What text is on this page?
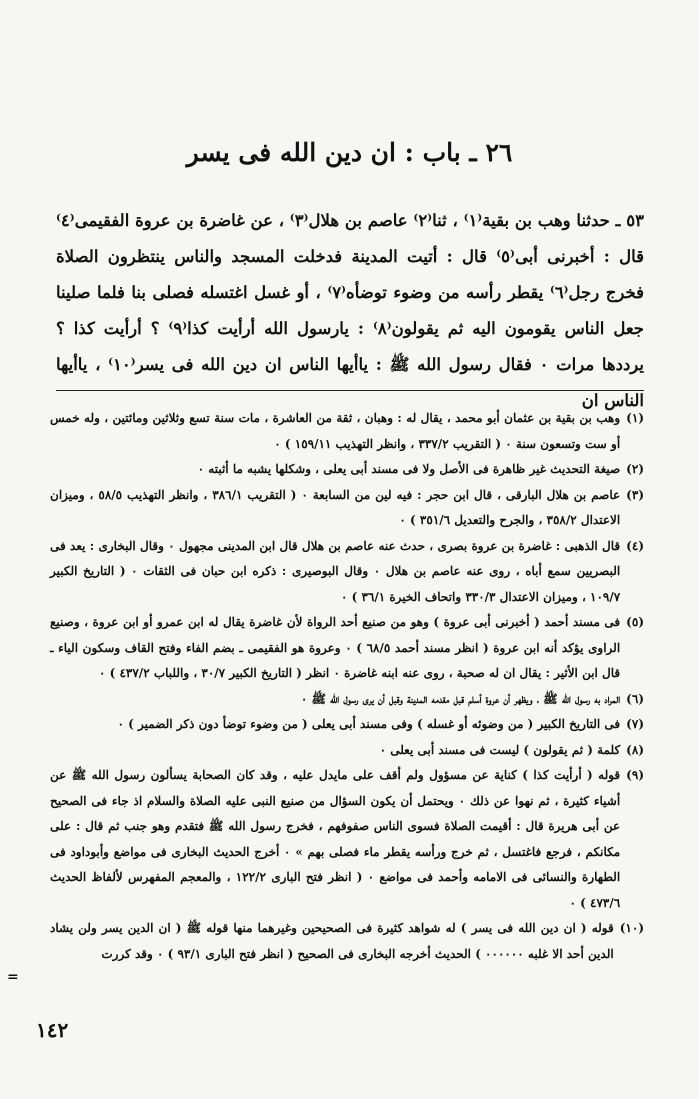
٢٦ ـ باب : ان دين الله فى يسر

٥٣ ـ حدثنا وهب بن بقية⁽١⁾ ، ثنا⁽٢⁾ عاصم بن هلال⁽٣⁾ ، عن غاضرة بن عروة الفقيمى⁽٤⁾ قال : أخبرنى أبى⁽٥⁾ قال : أتيت المدينة فدخلت المسجد والناس ينتظرون الصلاة فخرج رجل⁽٦⁾ يقطر رأسه من وضوء توضأه⁽٧⁾ ، أو غسل اغتسله فصلى بنا فلما صلينا جعل الناس يقومون اليه ثم يقولون⁽٨⁾ : يارسول الله أرأيت كذا⁽٩⁾ ؟ أرأيت كذا ؟ يرددها مرات ٠ فقال رسول الله ﷺ : ياأيها الناس ان دين الله فى يسر⁽١٠⁾ ، ياأيها الناس ان

(١)
وهب بن بقية بن عثمان أبو محمد ، يقال له : وهبان ، ثقة من العاشرة ، مات سنة تسع وثلاثين ومائتين ، وله خمس أو ست وتسعون سنة ٠ ( التقريب ٣٣٧/٢ ، وانظر التهذيب ١٥٩/١١ ) ٠
(٢)
صيغة التحديث غير ظاهرة فى الأصل ولا فى مسند أبى يعلى ، وشكلها يشبه ما أثبته ٠
(٣)
عاصم بن هلال البارقى ، قال ابن حجر : فيه لين من السابعة ٠ ( التقريب ٣٨٦/١ ، وانظر التهذيب ٥٨/٥ ، وميزان الاعتدال ٣٥٨/٢ ، والجرح والتعديل ٣٥١/٦ ) ٠
(٤)
قال الذهبى : غاضرة بن عروة بصرى ، حدث عنه عاصم بن هلال قال ابن المدينى مجهول ٠ وقال البخارى : يعد فى البصريين سمع أباه ، روى عنه عاصم بن هلال ٠ وقال البوصيرى : ذكره ابن حبان فى الثقات ٠ ( التاريخ الكبير ١٠٩/٧ ، وميزان الاعتدال ٣٣٠/٣ واتحاف الخيرة ٣٦/١ ) ٠
(٥)
فى مسند أحمد ( أخبرنى أبى عروة ) وهو من صنيع أحد الرواة لأن غاضرة يقال له ابن عمرو أو ابن عروة ، وصنيع الراوى يؤكد أنه ابن عروة ( انظر مسند أحمد ٦٨/٥ ) ٠ وعروة هو الفقيمى ـ بضم الفاء وفتح القاف وسكون الياء ـ قال ابن الأثير : يقال ان له صحبة ، روى عنه ابنه غاضرة ٠ انظر ( التاريخ الكبير ٣٠/٧ ، واللباب ٤٣٧/٢ ) ٠
(٦)
المراد به رسول الله ﷺ ، ويظهر أن عروة أسلم قبل مقدمه المدينة وقبل أن يرى رسول الله ﷺ ٠
(٧)
فى التاريخ الكبير ( من وضوئه أو غسله ) وفى مسند أبى يعلى ( من وضوء توضأ دون ذكر الضمير ) ٠
(٨)
كلمة ( ثم يقولون ) ليست فى مسند أبى يعلى ٠
(٩)
قوله ( أرأيت كذا ) كناية عن مسؤول ولم أقف على مايدل عليه ، وقد كان الصحابة يسألون رسول الله ﷺ عن أشياء كثيرة ، ثم نهوا عن ذلك ٠ ويحتمل أن يكون السؤال من صنيع النبى عليه الصلاة والسلام اذ جاء فى الصحيح عن أبى هريرة قال : أقيمت الصلاة فسوى الناس صفوفهم ، فخرج رسول الله ﷺ فتقدم وهو جنب ثم قال : على مكانكم ، فرجع فاغتسل ، ثم خرج ورأسه يقطر ماء فصلى بهم » ٠ أخرج الحديث البخارى فى مواضع وأبوداود فى الطهارة والنسائى فى الامامه وأحمد فى مواضع ٠ ( انظر فتح البارى ١٢٢/٢ ، والمعجم المفهرس لألفاظ الحديث ٤٧٣/٦ ) ٠
(١٠)
قوله ( ان دين الله فى يسر ) له شواهد كثيرة فى الصحيحين وغيرهما منها قوله ﷺ ( ان الدين يسر ولن يشاد الدين أحد الا غلبه ٠٠٠٠٠٠ ) الحديث أخرجه البخارى فى الصحيح ( انظر فتح البارى ٩٣/١ ) ٠ وقد كررت
=
١٤٢
